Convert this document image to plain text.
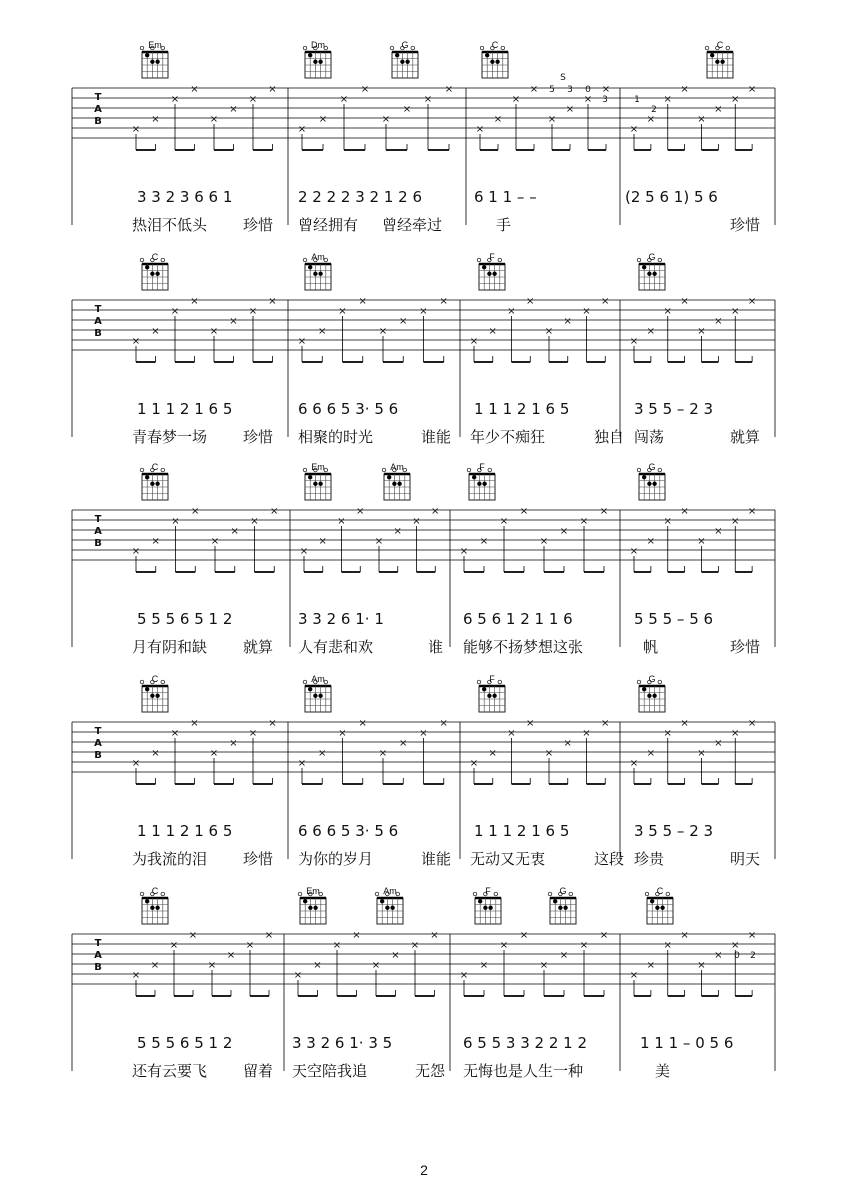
Em	Dm	G	C	C
T
A
B
×
×
×
×
×
×
×
×
×
×
×
×
×
×
×
×
×
×
×
×
×
×
×
×
×
×
×
×
×
×
×
×
S
5 3 0
3	1
2
3 3 2 3 6 6 1	2 2 2 2 3 2 1 2 6	6 1 1 – –	(2 5 6 1) 5 6
热泪不低头 珍惜 曾经拥有 曾经牵过	手	珍惜
C	Am	F	G
T
A
B
×
×
×
×
×
×
×
×
×
×
×
×
×
×
×
×
×
×
×
×
×
×
×
×
×
×
×
×
×
×
×
×
1 1 1 2 1 6 5	6 6 6 5 3· 5 6	1 1 1 2 1 6 5	3 5 5 – 2 3
青春梦一场 珍惜 相聚的时光	谁能 年少不痴狂	独自 闯荡	就算
C	Em	Am	F	G
T
A
B
×
×
×
×
×
×
×
×
×
×
×
×
×
×
×
×
×
×
×
×
×
×
×
×
×
×
×
×
×
×
×
×
5 5 5 6 5 1 2	3 3 2 6 1· 1	6 5 6 1 2 1 1 6	5 5 5 – 5 6
月有阴和缺 就算 人有悲和欢	谁 能够不扬梦想这张	帆	珍惜
C	Am	F	G
T
A
B
×
×
×
×
×
×
×
×
×
×
×
×
×
×
×
×
×
×
×
×
×
×
×
×
×
×
×
×
×
×
×
×
1 1 1 2 1 6 5	6 6 6 5 3· 5 6	1 1 1 2 1 6 5	3 5 5 – 2 3
为我流的泪 珍惜 为你的岁月	谁能 无动又无衷	这段 珍贵	明天
C	Em	Am	F	G	C
T
A
B
×
×
×
×
×
×
×
×
×
×
×
×
×
×
×
×
×
×
×
×
×
×
×
×
×
×
×
×
×
×
×
×
0 2
5 5 5 6 5 1 2	3 3 2 6 1· 3 5	6 5 5 3 3 2 2 1 2	1 1 1 – 0 5 6
还有云要飞 留着 天空陪我追	无怨 无悔也是人生一种	美
2
